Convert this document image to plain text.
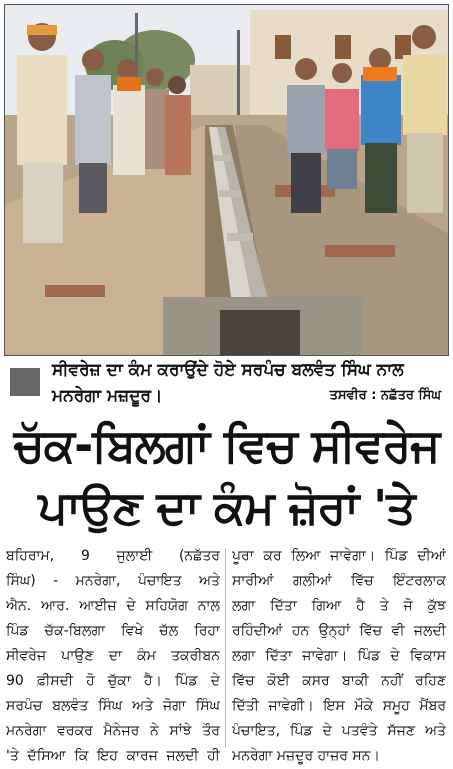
ਸੀਵਰੇਜ਼ ਦਾ ਕੰਮ ਕਰਾਉਂਦੇ ਹੋਏ ਸਰਪੰਚ ਬਲਵੰਤ ਸਿੰਘ ਨਾਲ
ਮਨਰੇਗਾ ਮਜ਼ਦੂਰ।	ਤਸਵੀਰ : ਨਛੱਤਰ ਸਿੰਘ
ਚੱਕ-ਬਿਲਗਾਂ ਵਿਚ ਸੀਵਰੇਜ
ਪਾਉਣ ਦਾ ਕੰਮ ਜ਼ੋਰਾਂ 'ਤੇ
ਬਹਿਰਾਮ, 9 ਜੁਲਾਈ (ਨਛੱਤਰ
ਸਿੰਘ) - ਮਨਰੇਗਾ, ਪੰਚਾਇਤ ਅਤੇ
ਐਨ. ਆਰ. ਆਈਜ਼ ਦੇ ਸਹਿਯੋਗ ਨਾਲ
ਪਿੰਡ ਚੱਕ-ਬਿਲਗਾ ਵਿਖੇ ਚੱਲ ਰਿਹਾ
ਸੀਵਰੇਜ ਪਾਉਣ ਦਾ ਕੰਮ ਤਕਰੀਬਨ
90 ਫ਼ੀਸਦੀ ਹੋ ਚੁੱਕਾ ਹੈ। ਪਿੰਡ ਦੇ
ਸਰਪੰਚ ਬਲਵੰਤ ਸਿੰਘ ਅਤੇ ਜੋਗਾ ਸਿੰਘ
ਮਨਰੇਗਾ ਵਰਕਰ ਮੈਨੇਜਰ ਨੇ ਸਾਂਝੇ ਤੌਰ
'ਤੇ ਦੱਸਿਆ ਕਿ ਇਹ ਕਾਰਜ ਜਲਦੀ ਹੀ
ਪੂਰਾ ਕਰ ਲਿਆ ਜਾਵੇਗਾ। ਪਿੰਡ ਦੀਆਂ
ਸਾਰੀਆਂ ਗਲੀਆਂ ਵਿੱਚ ਇੰਟਰਲਾਕ
ਲਗਾ ਦਿੱਤਾ ਗਿਆ ਹੈ ਤੇ ਜੋ ਕੁੱਝ
ਰਹਿੰਦੀਆਂ ਹਨ ਉਨ੍ਹਾਂ ਵਿੱਚ ਵੀ ਜਲਦੀ
ਲਗਾ ਦਿੱਤਾ ਜਾਵੇਗਾ। ਪਿੰਡ ਦੇ ਵਿਕਾਸ
ਵਿੱਚ ਕੋਈ ਕਸਰ ਬਾਕੀ ਨਹੀਂ ਰਹਿਣ
ਦਿੱਤੀ ਜਾਵੇਗੀ। ਇਸ ਮੌਕੇ ਸਮੂਹ ਮੈਂਬਰ
ਪੰਚਾਇਤ, ਪਿੰਡ ਦੇ ਪਤਵੰਤੇ ਸੱਜਣ ਅਤੇ
ਮਨਰੇਗਾ ਮਜ਼ਦੂਰ ਹਾਜ਼ਰ ਸਨ।
